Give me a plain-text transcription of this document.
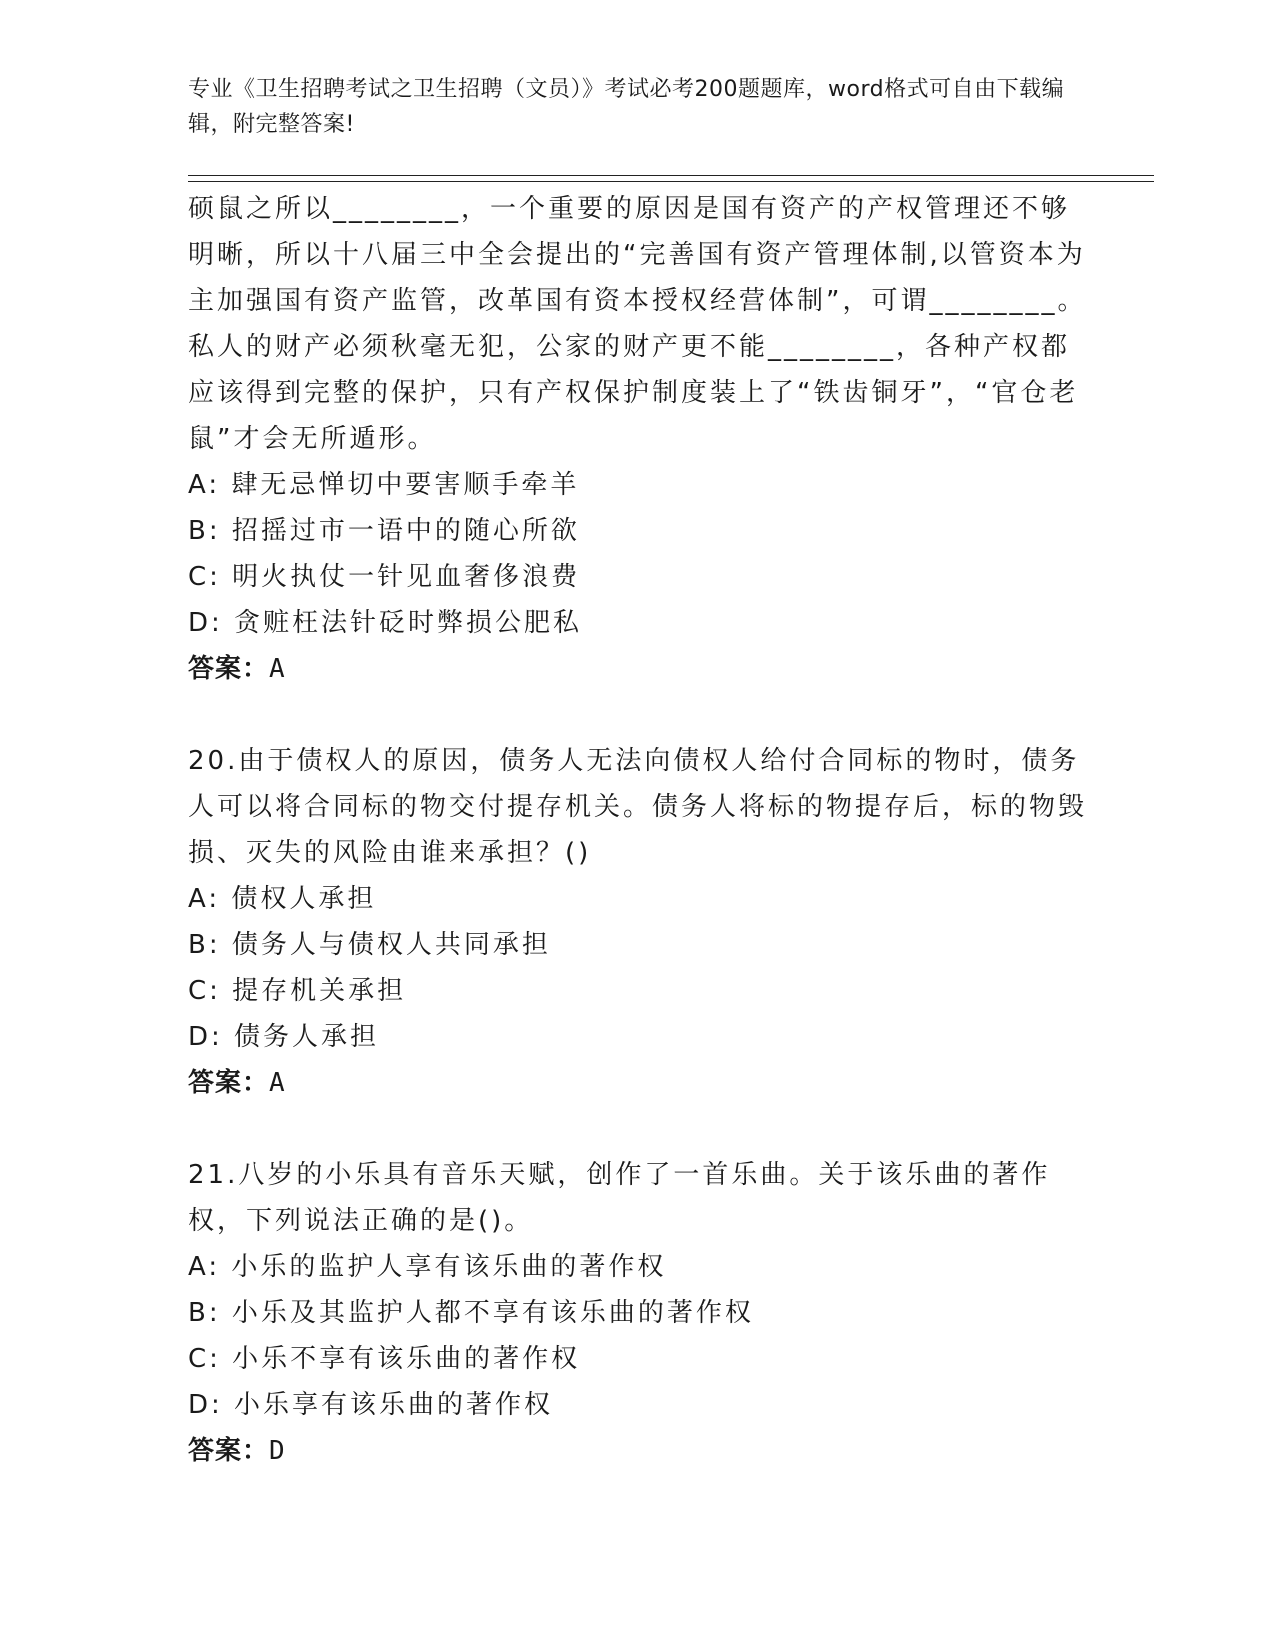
专业《卫生招聘考试之卫生招聘（文员）》考试必考200题题库，word格式可自由下载编辑，附完整答案!

硕鼠之所以________，一个重要的原因是国有资产的产权管理还不够明晰，所以十八届三中全会提出的“完善国有资产管理体制,以管资本为主加强国有资产监管，改革国有资本授权经营体制”，可谓________。私人的财产必须秋毫无犯，公家的财产更不能________，各种产权都应该得到完整的保护，只有产权保护制度装上了“铁齿铜牙”，“官仓老鼠”才会无所遁形。

A: 肆无忌惮切中要害顺手牵羊

B: 招摇过市一语中的随心所欲

C: 明火执仗一针见血奢侈浪费

D: 贪赃枉法针砭时弊损公肥私

答案：A

20.由于债权人的原因，债务人无法向债权人给付合同标的物时，债务人可以将合同标的物交付提存机关。债务人将标的物提存后，标的物毁损、灭失的风险由谁来承担？()

A: 债权人承担

B: 债务人与债权人共同承担

C: 提存机关承担

D: 债务人承担

答案：A

21.八岁的小乐具有音乐天赋，创作了一首乐曲。关于该乐曲的著作权，下列说法正确的是()。

A: 小乐的监护人享有该乐曲的著作权

B: 小乐及其监护人都不享有该乐曲的著作权

C: 小乐不享有该乐曲的著作权

D: 小乐享有该乐曲的著作权

答案：D
